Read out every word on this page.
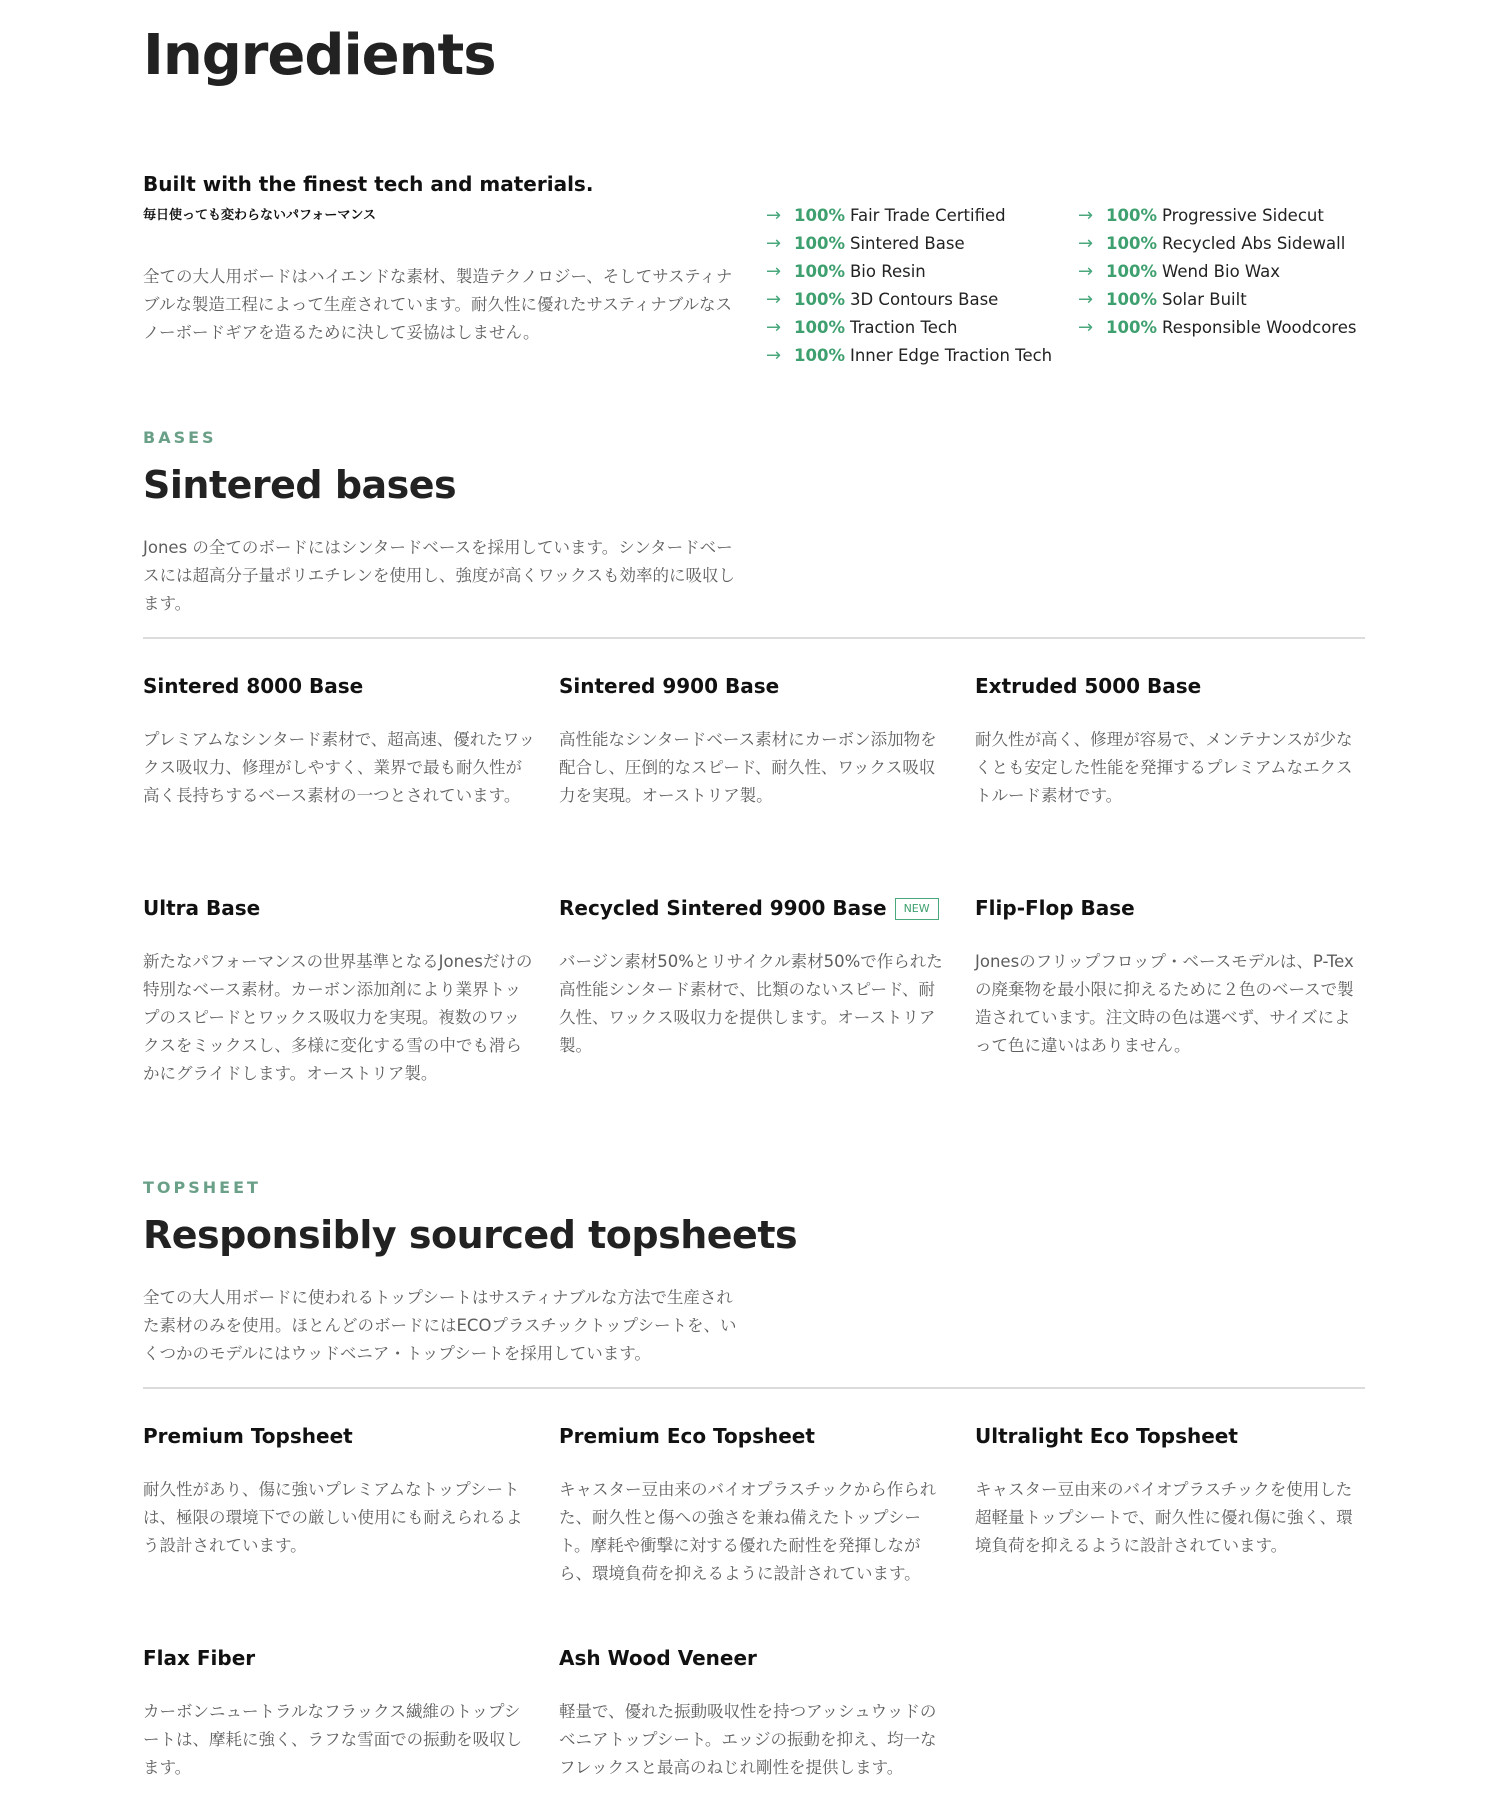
Ingredients

Built with the finest tech and materials.

毎日使っても変わらないパフォーマンス

全ての大人用ボードはハイエンドな素材、製造テクノロジー、そしてサスティナブルな製造工程によって生産されています。耐久性に優れたサスティナブルなスノーボードギアを造るために決して妥協はしません。

→ 100% Fair Trade Certified
→ 100% Sintered Base
→ 100% Bio Resin
→ 100% 3D Contours Base
→ 100% Traction Tech
→ 100% Inner Edge Traction Tech
→ 100% Progressive Sidecut
→ 100% Recycled Abs Sidewall
→ 100% Wend Bio Wax
→ 100% Solar Built
→ 100% Responsible Woodcores

BASES

Sintered bases

Jones の全てのボードにはシンタードベースを採用しています。シンタードベースには超高分子量ポリエチレンを使用し、強度が高くワックスも効率的に吸収します。

Sintered 8000 Base

プレミアムなシンタード素材で、超高速、優れたワックス吸収力、修理がしやすく、業界で最も耐久性が高く長持ちするベース素材の一つとされています。

Sintered 9900 Base

高性能なシンタードベース素材にカーボン添加物を配合し、圧倒的なスピード、耐久性、ワックス吸収力を実現。オーストリア製。

Extruded 5000 Base

耐久性が高く、修理が容易で、メンテナンスが少なくとも安定した性能を発揮するプレミアムなエクストルード素材です。

Ultra Base

新たなパフォーマンスの世界基準となるJonesだけの特別なベース素材。カーボン添加剤により業界トップのスピードとワックス吸収力を実現。複数のワックスをミックスし、多様に変化する雪の中でも滑らかにグライドします。オーストリア製。

Recycled Sintered 9900 Base NEW

バージン素材50%とリサイクル素材50%で作られた高性能シンタード素材で、比類のないスピード、耐久性、ワックス吸収力を提供します。オーストリア製。

Flip-Flop Base

Jonesのフリップフロップ・ベースモデルは、P-Texの廃棄物を最小限に抑えるために２色のベースで製造されています。注文時の色は選べず、サイズによって色に違いはありません。

TOPSHEET

Responsibly sourced topsheets

全ての大人用ボードに使われるトップシートはサスティナブルな方法で生産された素材のみを使用。ほとんどのボードにはECOプラスチックトップシートを、いくつかのモデルにはウッドベニア・トップシートを採用しています。

Premium Topsheet

耐久性があり、傷に強いプレミアムなトップシートは、極限の環境下での厳しい使用にも耐えられるよう設計されています。

Premium Eco Topsheet

キャスター豆由来のバイオプラスチックから作られた、耐久性と傷への強さを兼ね備えたトップシート。摩耗や衝撃に対する優れた耐性を発揮しながら、環境負荷を抑えるように設計されています。

Ultralight Eco Topsheet

キャスター豆由来のバイオプラスチックを使用した超軽量トップシートで、耐久性に優れ傷に強く、環境負荷を抑えるように設計されています。

Flax Fiber

カーボンニュートラルなフラックス繊維のトップシートは、摩耗に強く、ラフな雪面での振動を吸収します。

Ash Wood Veneer

軽量で、優れた振動吸収性を持つアッシュウッドのベニアトップシート。エッジの振動を抑え、均一なフレックスと最高のねじれ剛性を提供します。
